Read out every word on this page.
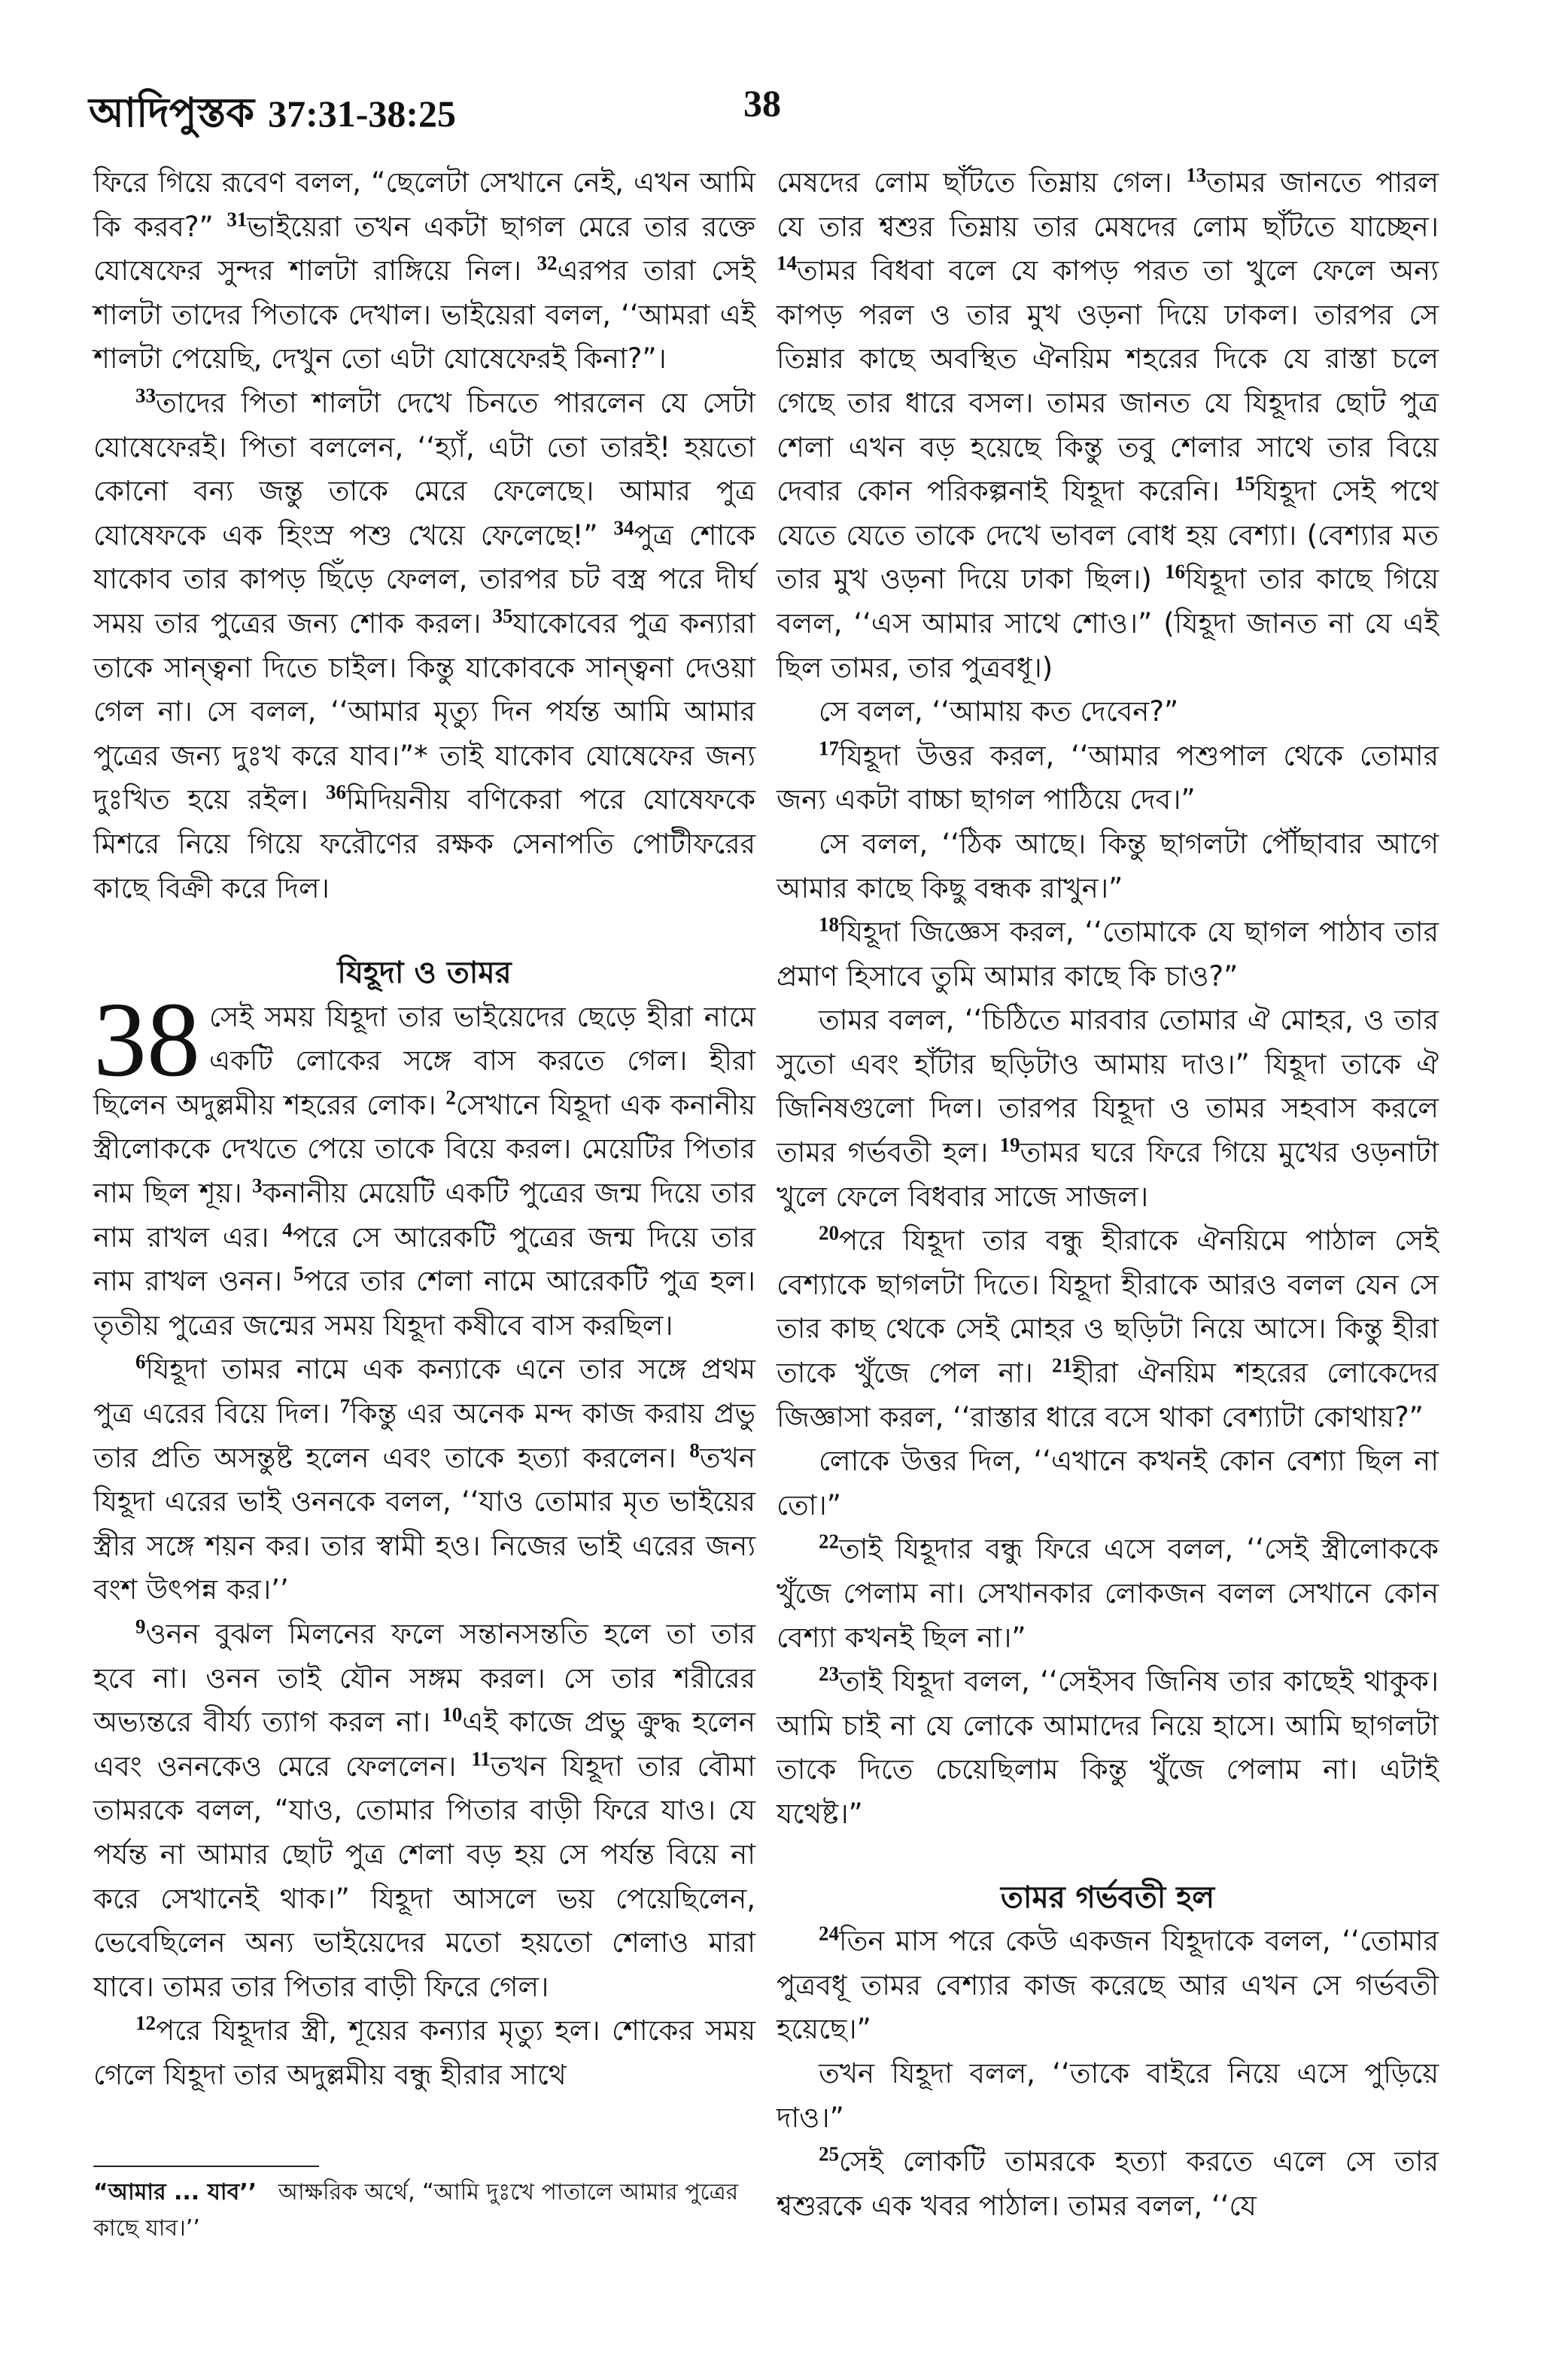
আদিপুস্তক 37:31-38:25	38

ফিরে গিয়ে রূবেণ বলল, “ছেলেটা সেখানে নেই, এখন আমি কি করব?” $^{31}$ভাইয়েরা তখন একটা ছাগল মেরে তার রক্তে যোষেফের সুন্দর শালটা রাঙ্গিয়ে নিল। $^{32}$এরপর তারা সেই শালটা তাদের পিতাকে দেখাল। ভাইয়েরা বলল, ‘‘আমরা এই শালটা পেয়েছি, দেখুন তো এটা যোষেফেরই কিনা?”।

$^{33}$তাদের পিতা শালটা দেখে চিনতে পারলেন যে সেটা যোষেফেরই। পিতা বললেন, ‘‘হ্যাঁ, এটা তো তারই! হয়তো কোনো বন্য জন্তু তাকে মেরে ফেলেছে। আমার পুত্র যোষেফকে এক হিংস্র পশু খেয়ে ফেলেছে!” $^{34}$পুত্র শোকে যাকোব তার কাপড় ছিঁড়ে ফেলল, তারপর চট বস্ত্র পরে দীর্ঘ সময় তার পুত্রের জন্য শোক করল। $^{35}$যাকোবের পুত্র কন্যারা তাকে সান্ত্বনা দিতে চাইল। কিন্তু যাকোবকে সান্ত্বনা দেওয়া গেল না। সে বলল, ‘‘আমার মৃত্যু দিন পর্যন্ত আমি আমার পুত্রের জন্য দুঃখ করে যাব।”* তাই যাকোব যোষেফের জন্য দুঃখিত হয়ে রইল। $^{36}$মিদিয়নীয় বণিকেরা পরে যোষেফকে মিশরে নিয়ে গিয়ে ফরৌণের রক্ষক সেনাপতি পোটীফরের কাছে বিক্রী করে দিল।

যিহূদা ও তামর

38 সেই সময় যিহূদা তার ভাইয়েদের ছেড়ে হীরা নামে একটি লোকের সঙ্গে বাস করতে গেল। হীরা ছিলেন অদুল্লমীয় শহরের লোক। $^2$সেখানে যিহূদা এক কনানীয় স্ত্রীলোককে দেখতে পেয়ে তাকে বিয়ে করল। মেয়েটির পিতার নাম ছিল শূয়। $^3$কনানীয় মেয়েটি একটি পুত্রের জন্ম দিয়ে তার নাম রাখল এর। $^4$পরে সে আরেকটি পুত্রের জন্ম দিয়ে তার নাম রাখল ওনন। $^5$পরে তার শেলা নামে আরেকটি পুত্র হল। তৃতীয় পুত্রের জন্মের সময় যিহূদা কষীবে বাস করছিল।

$^6$যিহূদা তামর নামে এক কন্যাকে এনে তার সঙ্গে প্রথম পুত্র এরের বিয়ে দিল। $^7$কিন্তু এর অনেক মন্দ কাজ করায় প্রভু তার প্রতি অসন্তুষ্ট হলেন এবং তাকে হত্যা করলেন। $^8$তখন যিহূদা এরের ভাই ওননকে বলল, ‘‘যাও তোমার মৃত ভাইয়ের স্ত্রীর সঙ্গে শয়ন কর। তার স্বামী হও। নিজের ভাই এরের জন্য বংশ উৎপন্ন কর।’’

$^9$ওনন বুঝল মিলনের ফলে সন্তানসন্ততি হলে তা তার হবে না। ওনন তাই যৌন সঙ্গম করল। সে তার শরীরের অভ্যন্তরে বীর্য্য ত্যাগ করল না। $^{10}$এই কাজে প্রভু ক্রুদ্ধ হলেন এবং ওননকেও মেরে ফেললেন। $^{11}$তখন যিহূদা তার বৌমা তামরকে বলল, “যাও, তোমার পিতার বাড়ী ফিরে যাও। যে পর্যন্ত না আমার ছোট পুত্র শেলা বড় হয় সে পর্যন্ত বিয়ে না করে সেখানেই থাক।” যিহূদা আসলে ভয় পেয়েছিলেন, ভেবেছিলেন অন্য ভাইয়েদের মতো হয়তো শেলাও মারা যাবে। তামর তার পিতার বাড়ী ফিরে গেল।

$^{12}$পরে যিহূদার স্ত্রী, শূয়ের কন্যার মৃত্যু হল। শোকের সময় গেলে যিহূদা তার অদুল্লমীয় বন্ধু হীরার সাথে

মেষদের লোম ছাঁটতে তিম্নায় গেল। $^{13}$তামর জানতে পারল যে তার শ্বশুর তিম্নায় তার মেষদের লোম ছাঁটতে যাচ্ছেন। $^{14}$তামর বিধবা বলে যে কাপড় পরত তা খুলে ফেলে অন্য কাপড় পরল ও তার মুখ ওড়না দিয়ে ঢাকল। তারপর সে তিম্নার কাছে অবস্থিত ঐনয়িম শহরের দিকে যে রাস্তা চলে গেছে তার ধারে বসল। তামর জানত যে যিহূদার ছোট পুত্র শেলা এখন বড় হয়েছে কিন্তু তবু শেলার সাথে তার বিয়ে দেবার কোন পরিকল্পনাই যিহূদা করেনি। $^{15}$যিহূদা সেই পথে যেতে যেতে তাকে দেখে ভাবল বোধ হয় বেশ্যা। (বেশ্যার মত তার মুখ ওড়না দিয়ে ঢাকা ছিল।) $^{16}$যিহূদা তার কাছে গিয়ে বলল, ‘‘এস আমার সাথে শোও।” (যিহূদা জানত না যে এই ছিল তামর, তার পুত্রবধূ।)

সে বলল, ‘‘আমায় কত দেবেন?”

$^{17}$যিহূদা উত্তর করল, ‘‘আমার পশুপাল থেকে তোমার জন্য একটা বাচ্চা ছাগল পাঠিয়ে দেব।”

সে বলল, ‘‘ঠিক আছে। কিন্তু ছাগলটা পৌঁছাবার আগে আমার কাছে কিছু বন্ধক রাখুন।”

$^{18}$যিহূদা জিজ্ঞেস করল, ‘‘তোমাকে যে ছাগল পাঠাব তার প্রমাণ হিসাবে তুমি আমার কাছে কি চাও?”

তামর বলল, ‘‘চিঠিতে মারবার তোমার ঐ মোহর, ও তার সুতো এবং হাঁটার ছড়িটাও আমায় দাও।” যিহূদা তাকে ঐ জিনিষগুলো দিল। তারপর যিহূদা ও তামর সহবাস করলে তামর গর্ভবতী হল। $^{19}$তামর ঘরে ফিরে গিয়ে মুখের ওড়নাটা খুলে ফেলে বিধবার সাজে সাজল।

$^{20}$পরে যিহূদা তার বন্ধু হীরাকে ঐনয়িমে পাঠাল সেই বেশ্যাকে ছাগলটা দিতে। যিহূদা হীরাকে আরও বলল যেন সে তার কাছ থেকে সেই মোহর ও ছড়িটা নিয়ে আসে। কিন্তু হীরা তাকে খুঁজে পেল না। $^{21}$হীরা ঐনয়িম শহরের লোকেদের জিজ্ঞাসা করল, ‘‘রাস্তার ধারে বসে থাকা বেশ্যাটা কোথায়?”

লোকে উত্তর দিল, ‘‘এখানে কখনই কোন বেশ্যা ছিল না তো।”

$^{22}$তাই যিহূদার বন্ধু ফিরে এসে বলল, ‘‘সেই স্ত্রীলোককে খুঁজে পেলাম না। সেখানকার লোকজন বলল সেখানে কোন বেশ্যা কখনই ছিল না।”

$^{23}$তাই যিহূদা বলল, ‘‘সেইসব জিনিষ তার কাছেই থাকুক। আমি চাই না যে লোকে আমাদের নিয়ে হাসে। আমি ছাগলটা তাকে দিতে চেয়েছিলাম কিন্তু খুঁজে পেলাম না। এটাই যথেষ্ট।”

তামর গর্ভবতী হল

$^{24}$তিন মাস পরে কেউ একজন যিহূদাকে বলল, ‘‘তোমার পুত্রবধূ তামর বেশ্যার কাজ করেছে আর এখন সে গর্ভবতী হয়েছে।”

তখন যিহূদা বলল, ‘‘তাকে বাইরে নিয়ে এসে পুড়িয়ে দাও।”

$^{25}$সেই লোকটি তামরকে হত্যা করতে এলে সে তার শ্বশুরকে এক খবর পাঠাল। তামর বলল, ‘‘যে

“আমার ... যাব’’ আক্ষরিক অর্থে, “আমি দুঃখে পাতালে আমার পুত্রের কাছে যাব।’’
